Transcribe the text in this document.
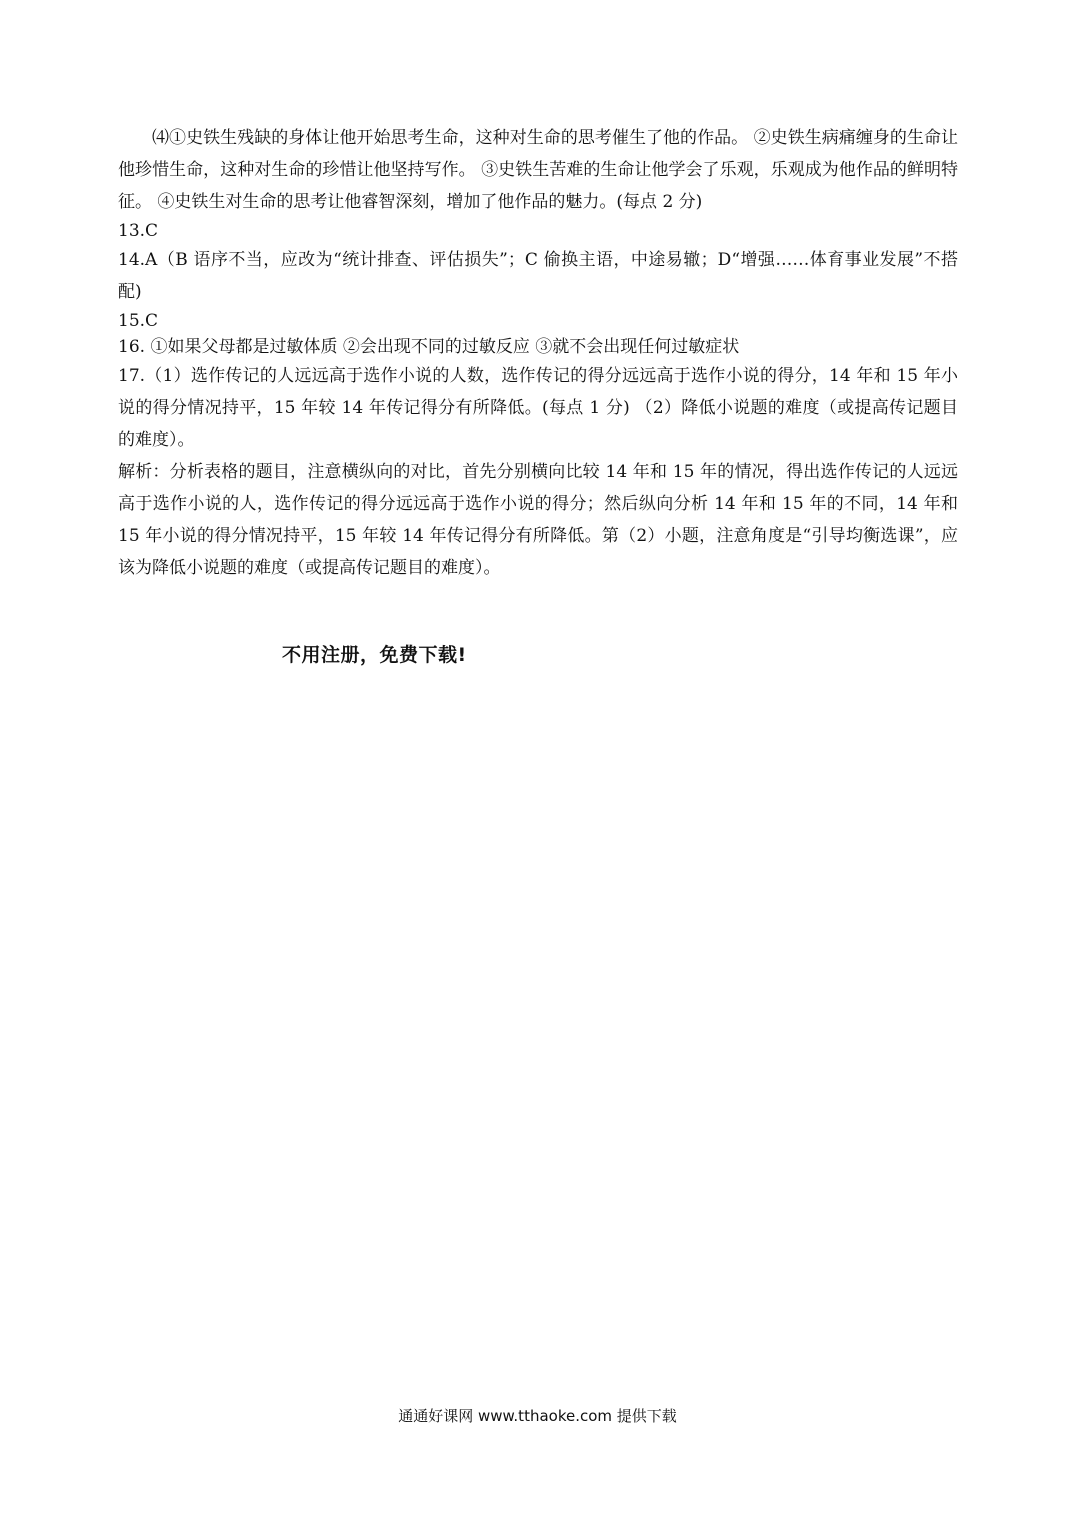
⑷①史铁生残缺的身体让他开始思考生命，这种对生命的思考催生了他的作品。 ②史铁生病痛缠身的生命让他珍惜生命，这种对生命的珍惜让他坚持写作。 ③史铁生苦难的生命让他学会了乐观，乐观成为他作品的鲜明特征。 ④史铁生对生命的思考让他睿智深刻，增加了他作品的魅力。(每点 2 分)

13.C

14.A（B 语序不当，应改为“统计排查、评估损失”；C 偷换主语，中途易辙；D“增强……体育事业发展”不搭配)

15.C

16. ①如果父母都是过敏体质 ②会出现不同的过敏反应 ③就不会出现任何过敏症状

17.（1）选作传记的人远远高于选作小说的人数，选作传记的得分远远高于选作小说的得分，14 年和 15 年小说的得分情况持平，15 年较 14 年传记得分有所降低。(每点 1 分) （2）降低小说题的难度（或提高传记题目的难度）。

解析：分析表格的题目，注意横纵向的对比，首先分别横向比较 14 年和 15 年的情况，得出选作传记的人远远高于选作小说的人，选作传记的得分远远高于选作小说的得分；然后纵向分析 14 年和 15 年的不同，14 年和 15 年小说的得分情况持平，15 年较 14 年传记得分有所降低。第（2）小题，注意角度是“引导均衡选课”，应该为降低小说题的难度（或提高传记题目的难度）。

不用注册，免费下载!
通通好课网 www.tthaoke.com 提供下载
